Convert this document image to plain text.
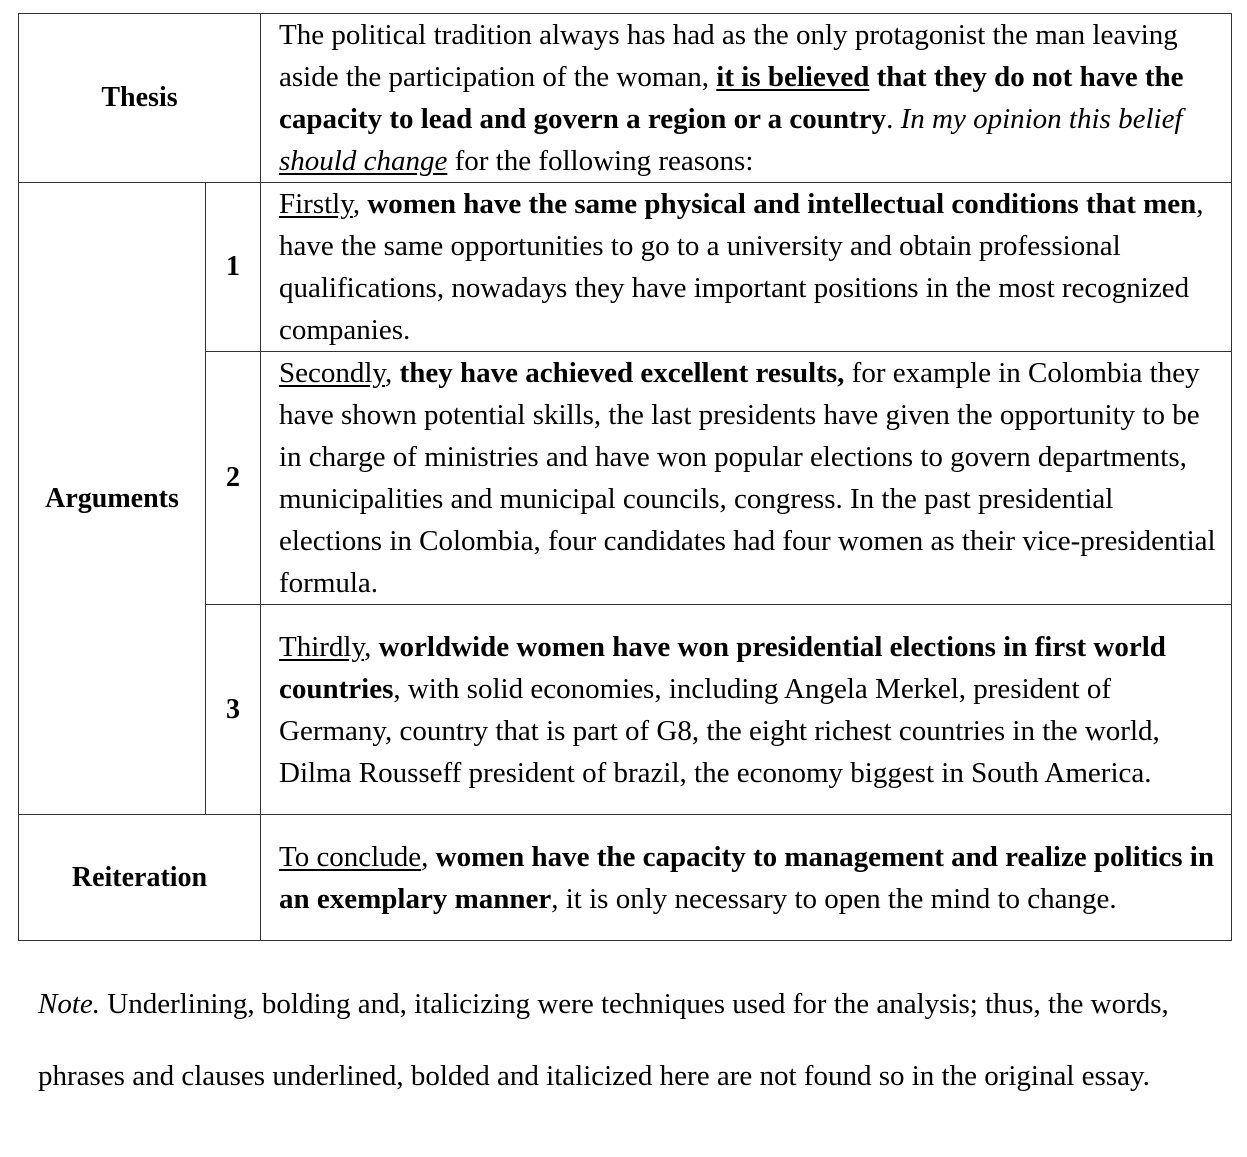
Thesis		The political tradition always has had as the only protagonist the man leaving aside the participation of the woman, it is believed that they do not have the capacity to lead and govern a region or a country. In my opinion this belief should change for the following reasons:
Arguments	1	Firstly, women have the same physical and intellectual conditions that men, have the same opportunities to go to a university and obtain professional qualifications, nowadays they have important positions in the most recognized companies.
	2	Secondly, they have achieved excellent results, for example in Colombia they have shown potential skills, the last presidents have given the opportunity to be in charge of ministries and have won popular elections to govern departments, municipalities and municipal councils, congress. In the past presidential elections in Colombia, four candidates had four women as their vice-presidential formula.
	3	Thirdly, worldwide women have won presidential elections in first world countries, with solid economies, including Angela Merkel, president of Germany, country that is part of G8, the eight richest countries in the world, Dilma Rousseff president of brazil, the economy biggest in South America.
Reiteration		To conclude, women have the capacity to management and realize politics in an exemplary manner, it is only necessary to open the mind to change.
Note. Underlining, bolding and, italicizing were techniques used for the analysis; thus, the words, phrases and clauses underlined, bolded and italicized here are not found so in the original essay.
